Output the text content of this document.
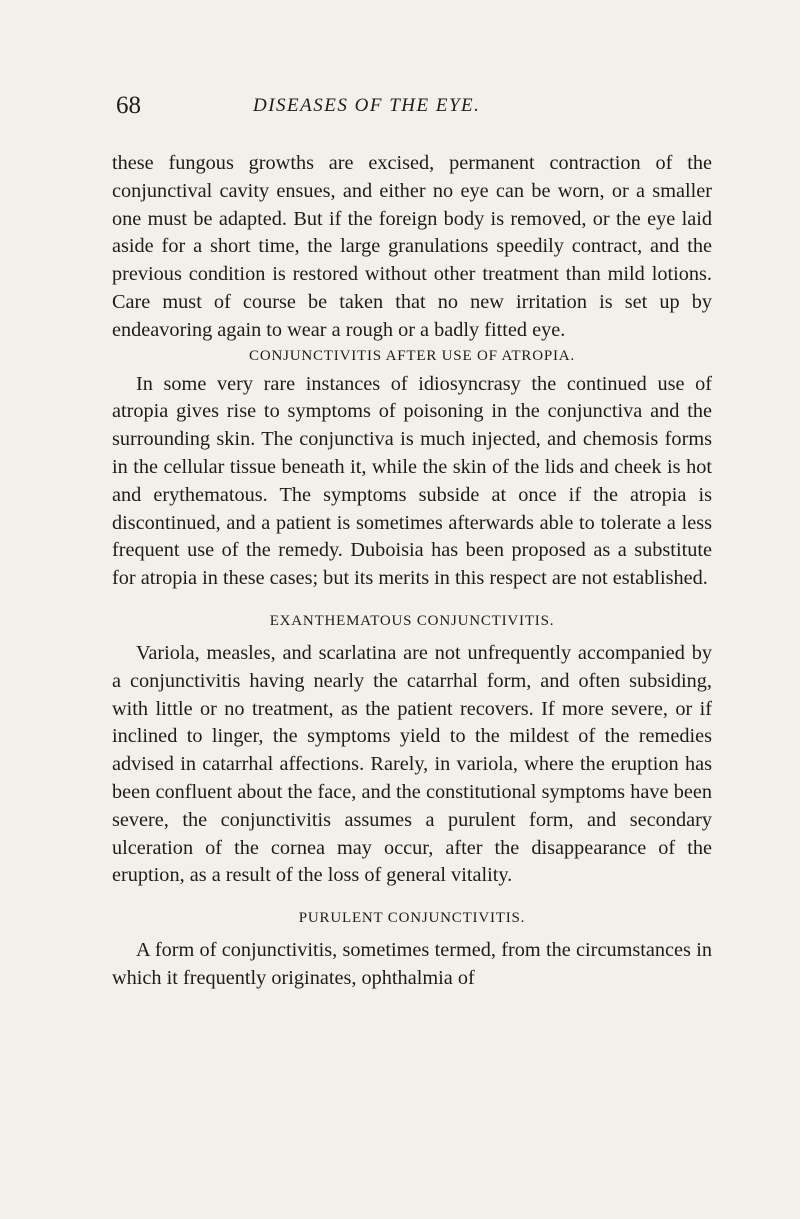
68	DISEASES OF THE EYE.

these fungous growths are excised, permanent contraction of the conjunctival cavity ensues, and either no eye can be worn, or a smaller one must be adapted. But if the foreign body is removed, or the eye laid aside for a short time, the large granulations speedily contract, and the previous condition is restored without other treatment than mild lotions. Care must of course be taken that no new irritation is set up by endeavoring again to wear a rough or a badly fitted eye.

CONJUNCTIVITIS AFTER USE OF ATROPIA.

In some very rare instances of idiosyncrasy the continued use of atropia gives rise to symptoms of poisoning in the conjunctiva and the surrounding skin. The conjunctiva is much injected, and chemosis forms in the cellular tissue beneath it, while the skin of the lids and cheek is hot and erythematous. The symptoms subside at once if the atropia is discontinued, and a patient is sometimes afterwards able to tolerate a less frequent use of the remedy. Duboisia has been proposed as a substitute for atropia in these cases; but its merits in this respect are not established.

EXANTHEMATOUS CONJUNCTIVITIS.

Variola, measles, and scarlatina are not unfrequently accompanied by a conjunctivitis having nearly the catarrhal form, and often subsiding, with little or no treatment, as the patient recovers. If more severe, or if inclined to linger, the symptoms yield to the mildest of the remedies advised in catarrhal affections. Rarely, in variola, where the eruption has been confluent about the face, and the constitutional symptoms have been severe, the conjunctivitis assumes a purulent form, and secondary ulceration of the cornea may occur, after the disappearance of the eruption, as a result of the loss of general vitality.

PURULENT CONJUNCTIVITIS.

A form of conjunctivitis, sometimes termed, from the circumstances in which it frequently originates, ophthalmia of
